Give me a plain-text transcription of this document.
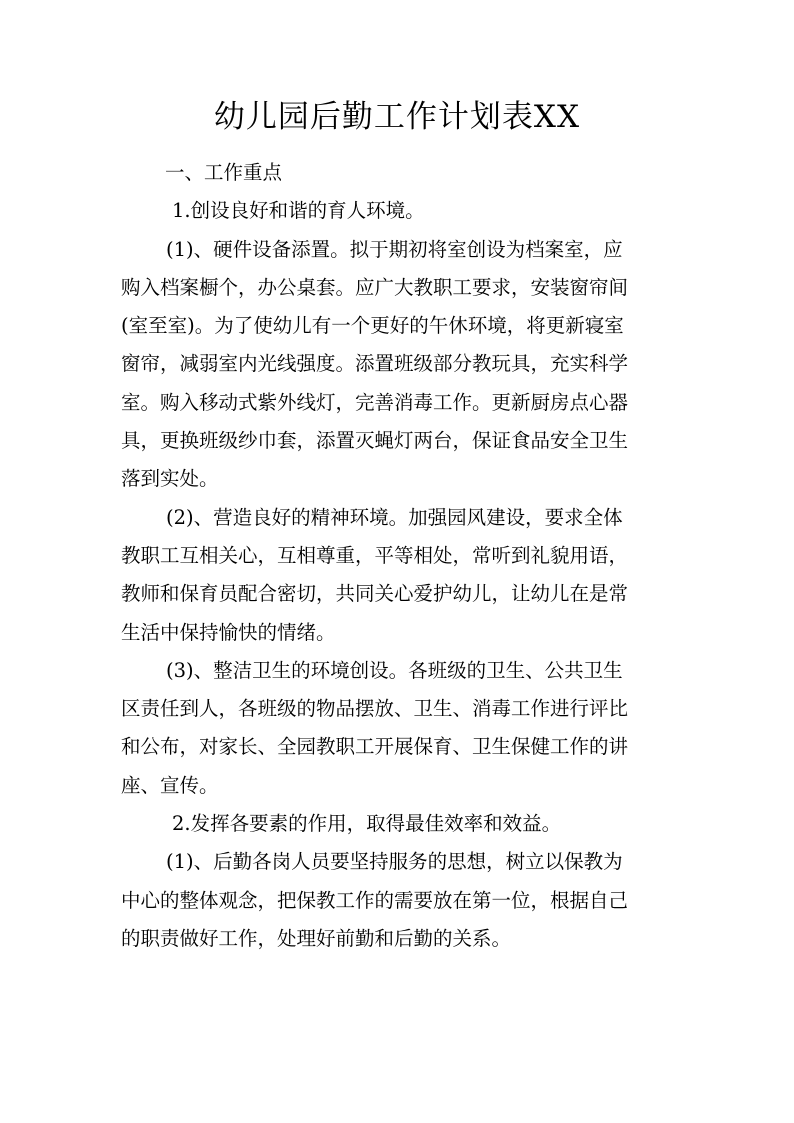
幼儿园后勤工作计划表XX
一、工作重点
1.创设良好和谐的育人环境。
(1)、硬件设备添置。拟于期初将室创设为档案室，应
购入档案橱个，办公桌套。应广大教职工要求，安装窗帘间
(室至室)。为了使幼儿有一个更好的午休环境，将更新寝室
窗帘，减弱室内光线强度。添置班级部分教玩具，充实科学
室。购入移动式紫外线灯，完善消毒工作。更新厨房点心器
具，更换班级纱巾套，添置灭蝇灯两台，保证食品安全卫生
落到实处。
(2)、营造良好的精神环境。加强园风建设，要求全体
教职工互相关心，互相尊重，平等相处，常听到礼貌用语，
教师和保育员配合密切，共同关心爱护幼儿，让幼儿在是常
生活中保持愉快的情绪。
(3)、整洁卫生的环境创设。各班级的卫生、公共卫生
区责任到人，各班级的物品摆放、卫生、消毒工作进行评比
和公布，对家长、全园教职工开展保育、卫生保健工作的讲
座、宣传。
2.发挥各要素的作用，取得最佳效率和效益。
(1)、后勤各岗人员要坚持服务的思想，树立以保教为
中心的整体观念，把保教工作的需要放在第一位，根据自己
的职责做好工作，处理好前勤和后勤的关系。
